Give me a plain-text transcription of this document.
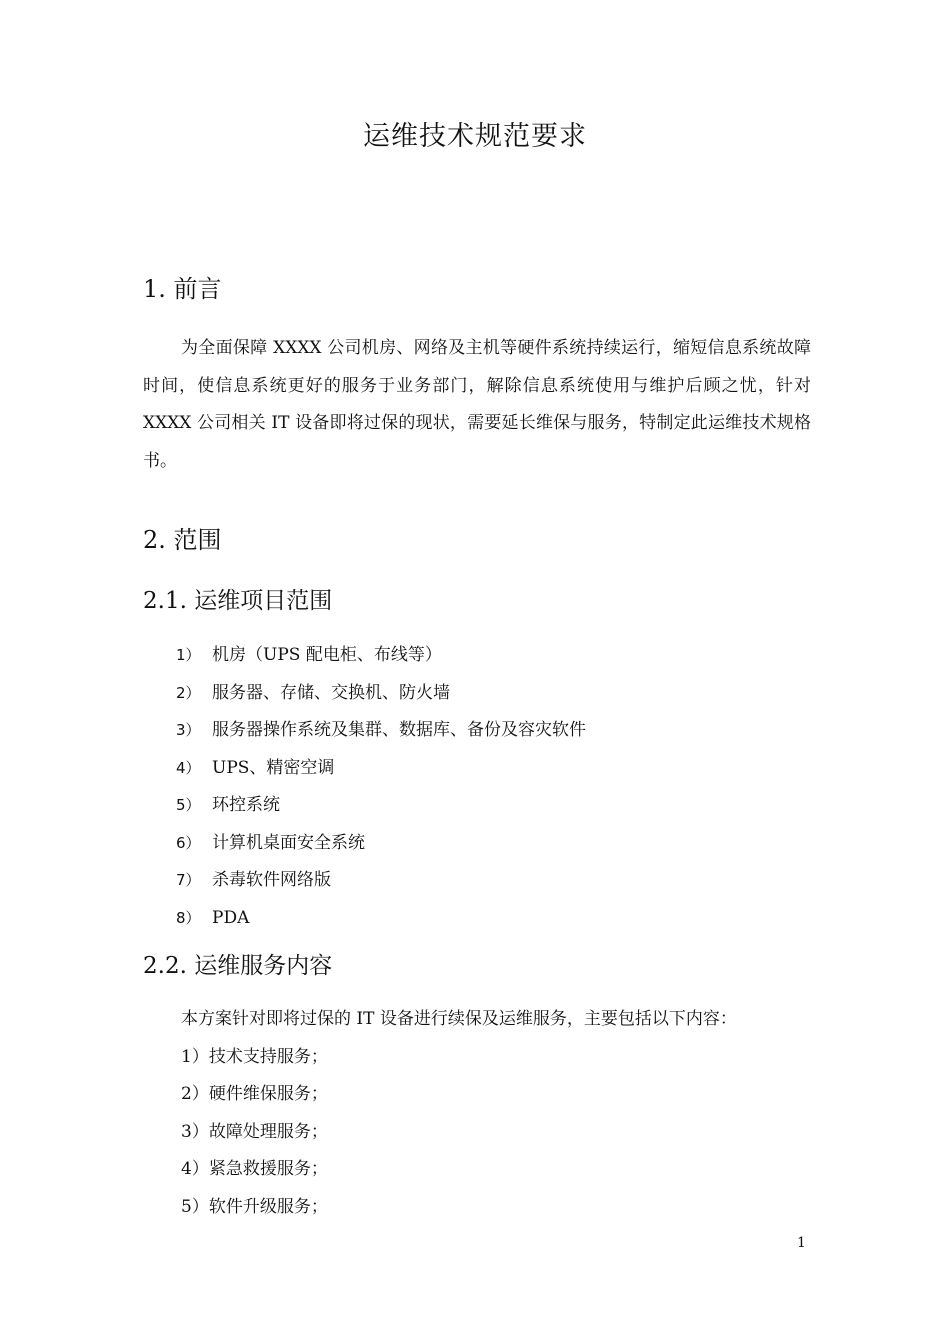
运维技术规范要求
1. 前言

为全面保障 XXXX 公司机房、网络及主机等硬件系统持续运行，缩短信息系统故障时间，使信息系统更好的服务于业务部门，解除信息系统使用与维护后顾之忧，针对 XXXX 公司相关 IT 设备即将过保的现状，需要延长维保与服务，特制定此运维技术规格书。

2. 范围
2.1. 运维项目范围
1） 机房（UPS 配电柜、布线等）
2） 服务器、存储、交换机、防火墙
3） 服务器操作系统及集群、数据库、备份及容灾软件
4） UPS、精密空调
5） 环控系统
6） 计算机桌面安全系统
7） 杀毒软件网络版
8） PDA
2.2. 运维服务内容
本方案针对即将过保的 IT 设备进行续保及运维服务，主要包括以下内容：
1）技术支持服务；
2）硬件维保服务；
3）故障处理服务；
4）紧急救援服务；
5）软件升级服务；
1
